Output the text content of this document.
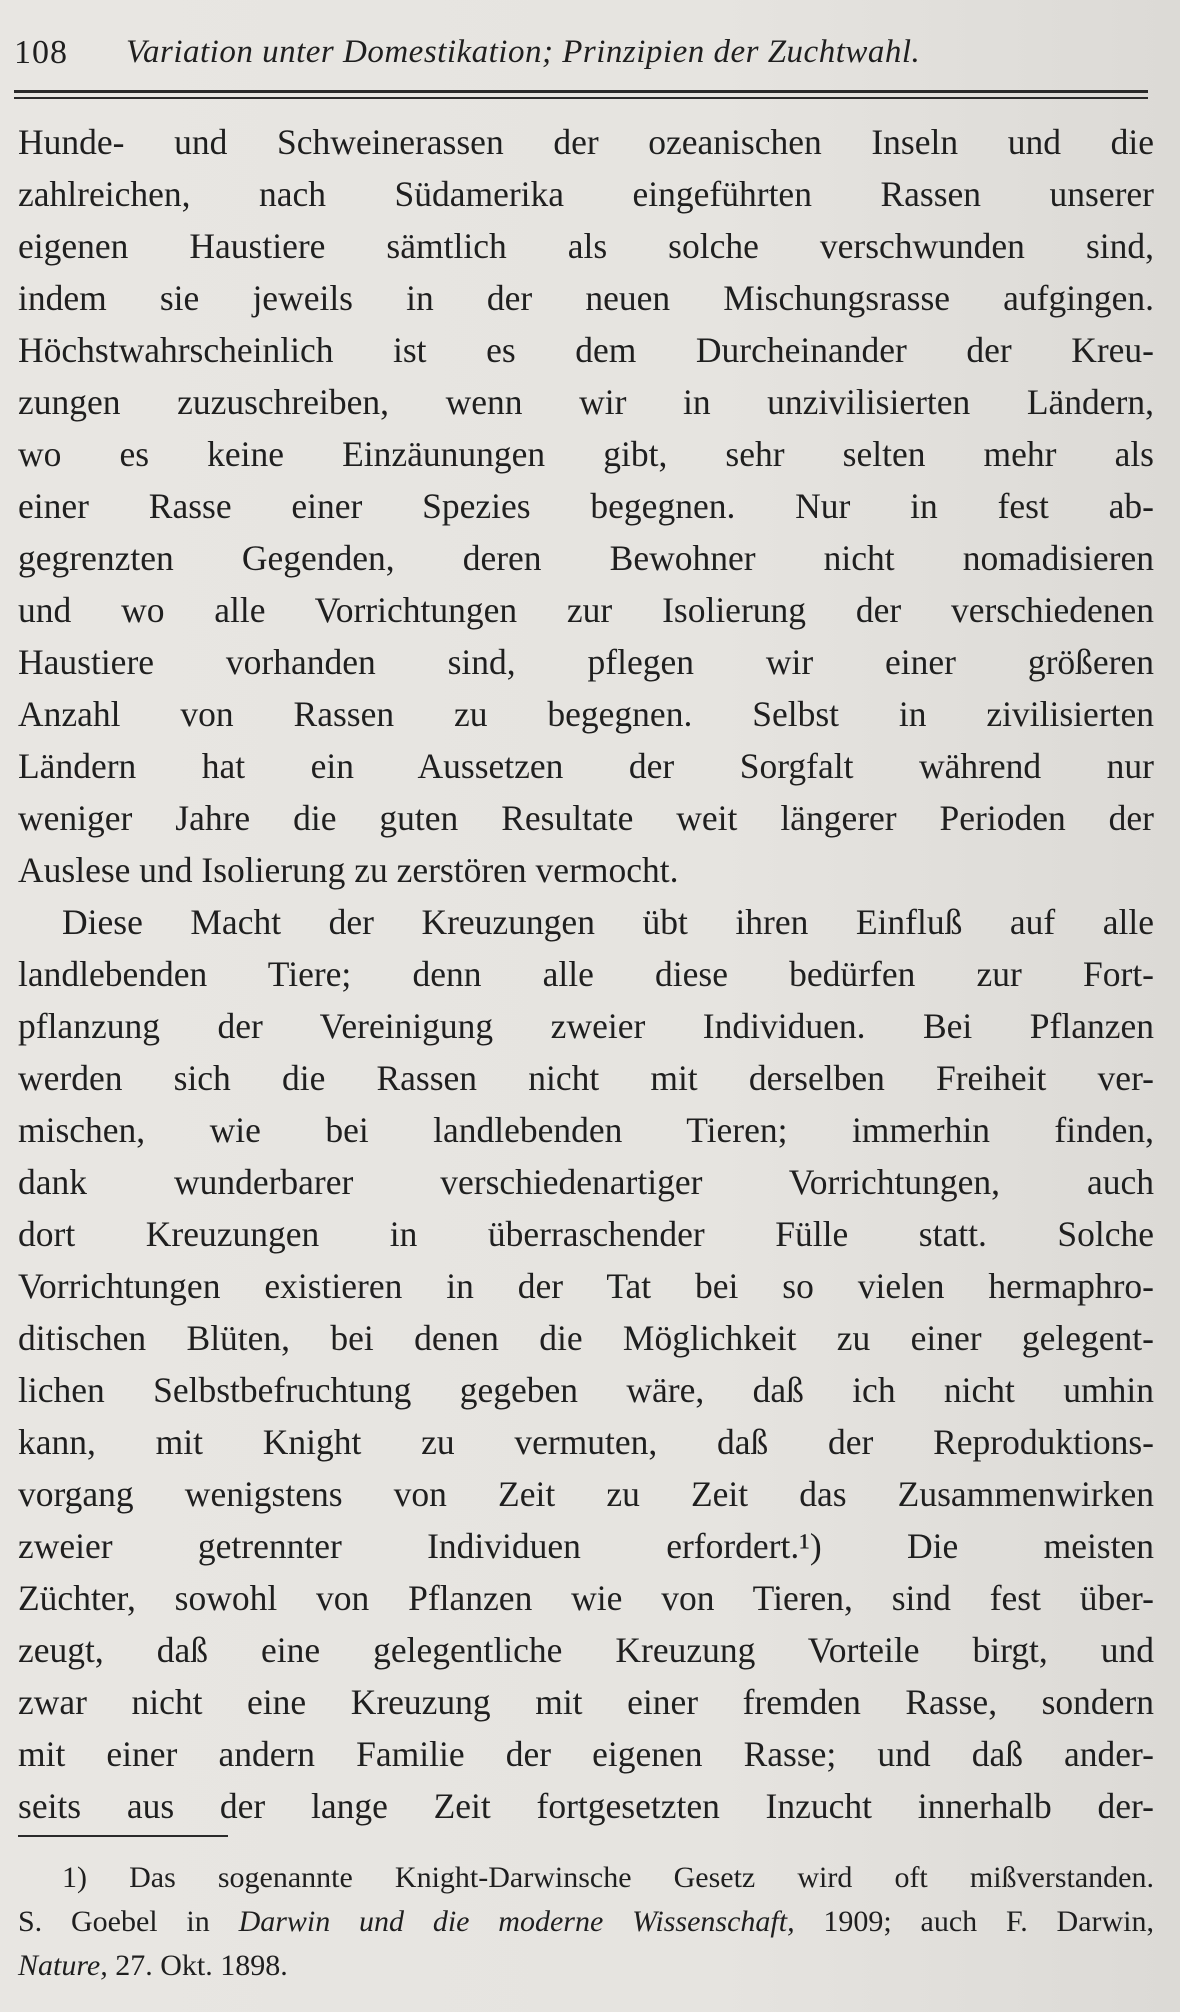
108 Variation unter Domestikation; Prinzipien der Zuchtwahl.
Hunde- und Schweinerassen der ozeanischen Inseln und die
zahlreichen, nach Südamerika eingeführten Rassen unserer
eigenen Haustiere sämtlich als solche verschwunden sind,
indem sie jeweils in der neuen Mischungsrasse aufgingen.
Höchstwahrscheinlich ist es dem Durcheinander der Kreu-
zungen zuzuschreiben, wenn wir in unzivilisierten Ländern,
wo es keine Einzäunungen gibt, sehr selten mehr als
einer Rasse einer Spezies begegnen. Nur in fest ab-
gegrenzten Gegenden, deren Bewohner nicht nomadisieren
und wo alle Vorrichtungen zur Isolierung der verschiedenen
Haustiere vorhanden sind, pflegen wir einer größeren
Anzahl von Rassen zu begegnen. Selbst in zivilisierten
Ländern hat ein Aussetzen der Sorgfalt während nur
weniger Jahre die guten Resultate weit längerer Perioden der
Auslese und Isolierung zu zerstören vermocht.
Diese Macht der Kreuzungen übt ihren Einfluß auf alle
landlebenden Tiere; denn alle diese bedürfen zur Fort-
pflanzung der Vereinigung zweier Individuen. Bei Pflanzen
werden sich die Rassen nicht mit derselben Freiheit ver-
mischen, wie bei landlebenden Tieren; immerhin finden,
dank wunderbarer verschiedenartiger Vorrichtungen, auch
dort Kreuzungen in überraschender Fülle statt. Solche
Vorrichtungen existieren in der Tat bei so vielen hermaphro-
ditischen Blüten, bei denen die Möglichkeit zu einer gelegent-
lichen Selbstbefruchtung gegeben wäre, daß ich nicht umhin
kann, mit Knight zu vermuten, daß der Reproduktions-
vorgang wenigstens von Zeit zu Zeit das Zusammenwirken
zweier getrennter Individuen erfordert.¹) Die meisten
Züchter, sowohl von Pflanzen wie von Tieren, sind fest über-
zeugt, daß eine gelegentliche Kreuzung Vorteile birgt, und
zwar nicht eine Kreuzung mit einer fremden Rasse, sondern
mit einer andern Familie der eigenen Rasse; und daß ander-
seits aus der lange Zeit fortgesetzten Inzucht innerhalb der-
1) Das sogenannte Knight-Darwinsche Gesetz wird oft mißverstanden.
S. Goebel in Darwin und die moderne Wissenschaft, 1909; auch F. Darwin,
Nature, 27. Okt. 1898.
